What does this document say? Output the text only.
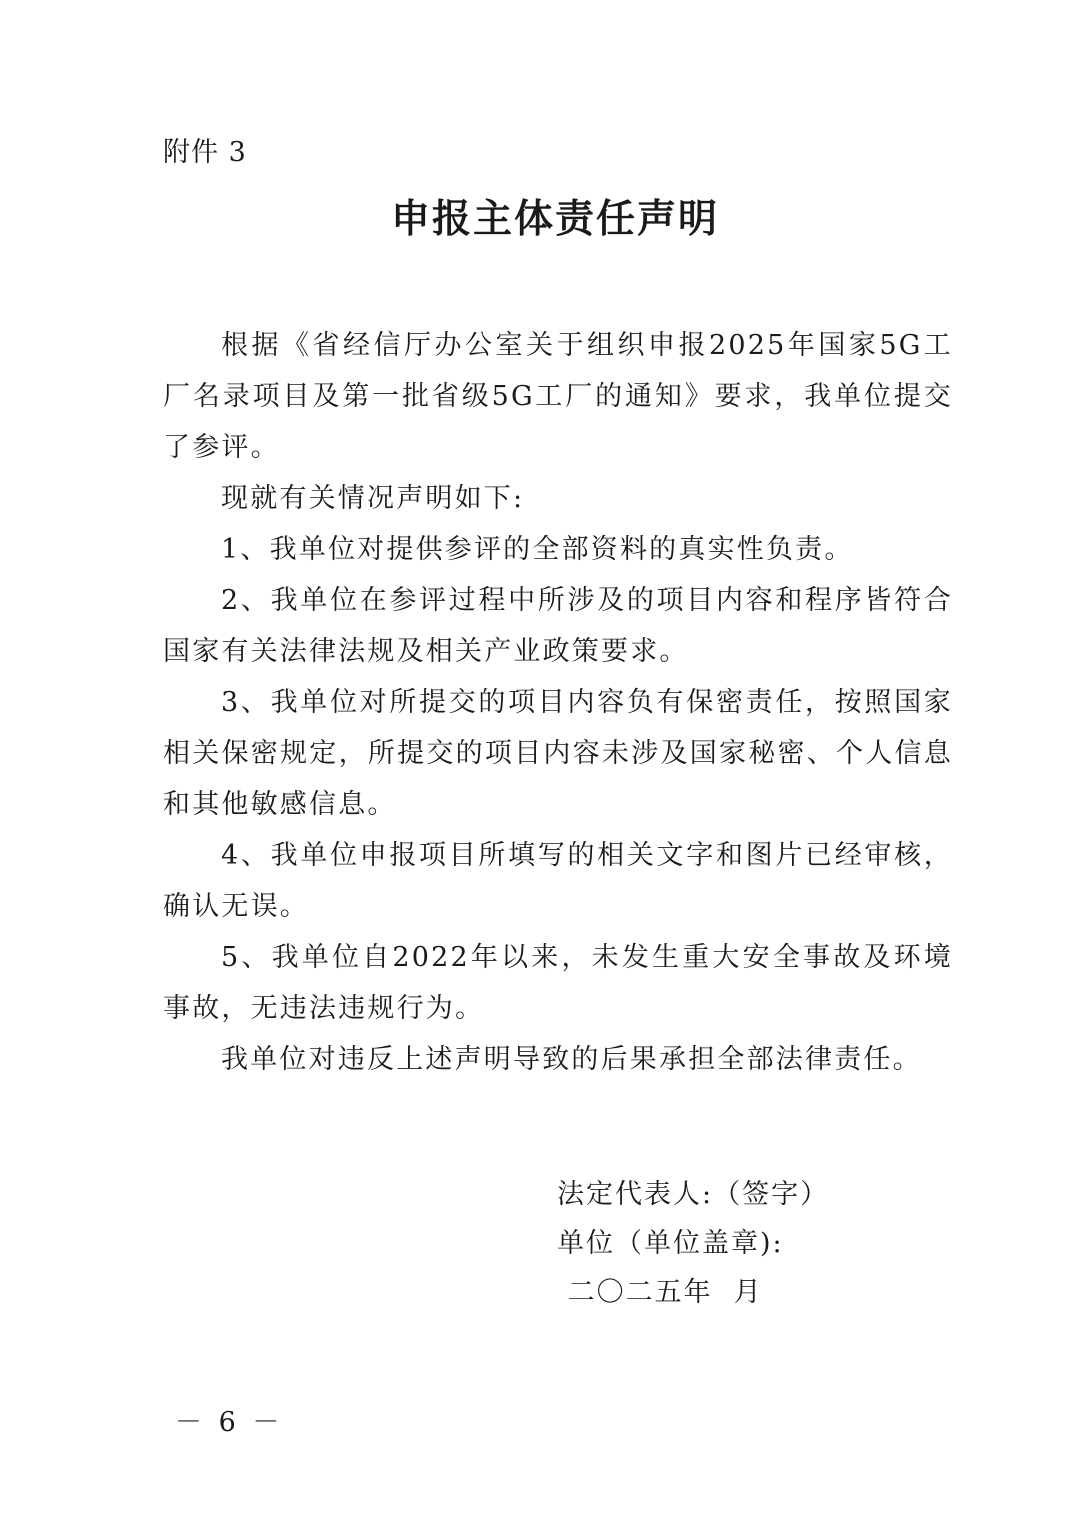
附件 3
申报主体责任声明

根据《省经信厅办公室关于组织申报2025年国家5G工厂名录项目及第一批省级5G工厂的通知》要求，我单位提交了参评。

现就有关情况声明如下:

1、我单位对提供参评的全部资料的真实性负责。

2、我单位在参评过程中所涉及的项目内容和程序皆符合国家有关法律法规及相关产业政策要求。

3、我单位对所提交的项目内容负有保密责任，按照国家相关保密规定，所提交的项目内容未涉及国家秘密、个人信息和其他敏感信息。

4、我单位申报项目所填写的相关文字和图片已经审核，确认无误。

5、我单位自2022年以来，未发生重大安全事故及环境事故，无违法违规行为。

我单位对违反上述声明导致的后果承担全部法律责任。

法定代表人:（签字）
单位（单位盖章):
二〇二五年  月
－ 6 －
